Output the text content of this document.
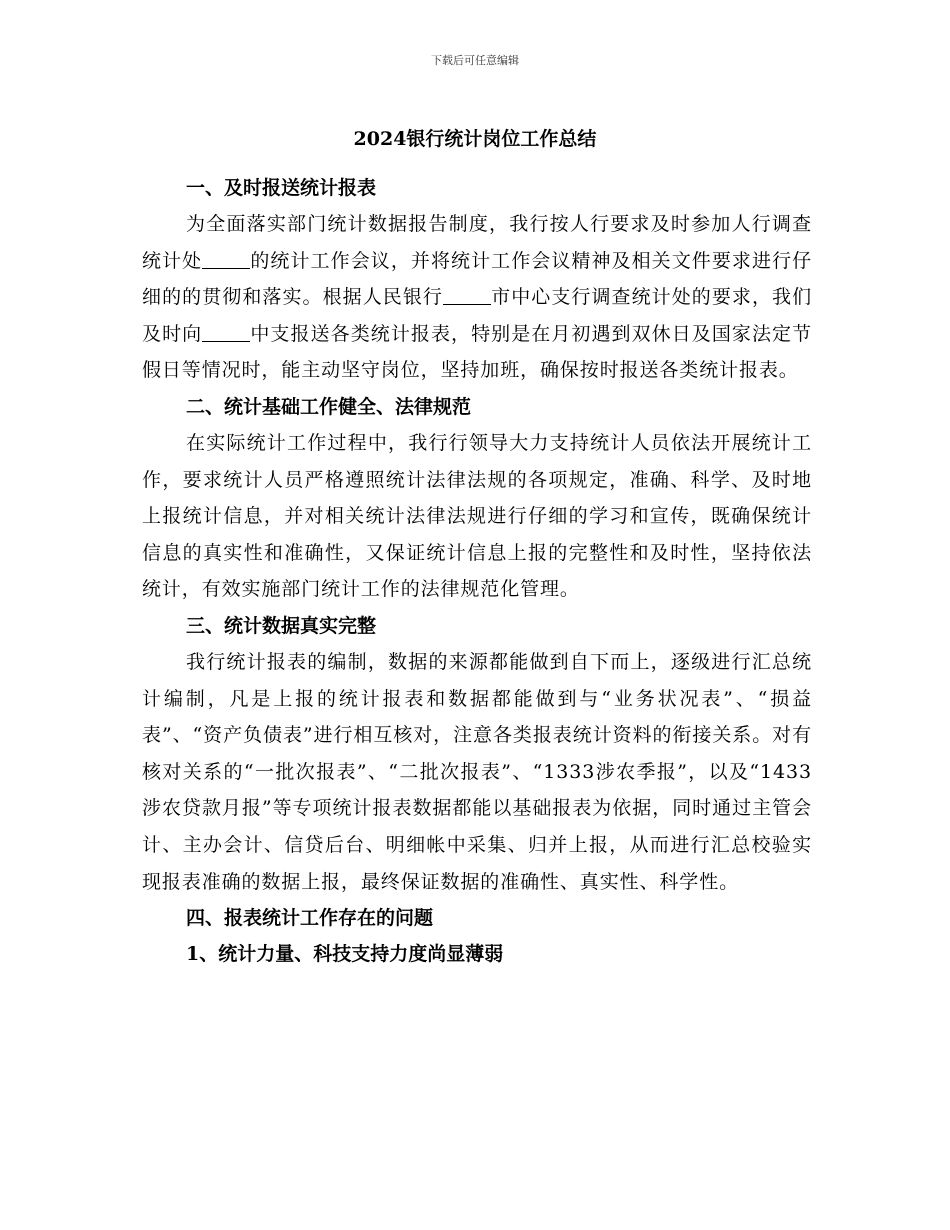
下载后可任意编辑
2024银行统计岗位工作总结
一、及时报送统计报表

为全面落实部门统计数据报告制度，我行按人行要求及时参加人行调查统计处	的统计工作会议，并将统计工作会议精神及相关文件要求进行仔细的的贯彻和落实。根据人民银行	市中心支行调查统计处的要求，我们及时向	中支报送各类统计报表，特别是在月初遇到双休日及国家法定节假日等情况时，能主动坚守岗位，坚持加班，确保按时报送各类统计报表。

二、统计基础工作健全、法律规范

在实际统计工作过程中，我行行领导大力支持统计人员依法开展统计工作，要求统计人员严格遵照统计法律法规的各项规定，准确、科学、及时地上报统计信息，并对相关统计法律法规进行仔细的学习和宣传，既确保统计信息的真实性和准确性，又保证统计信息上报的完整性和及时性，坚持依法统计，有效实施部门统计工作的法律规范化管理。

三、统计数据真实完整

我行统计报表的编制，数据的来源都能做到自下而上，逐级进行汇总统计编制，凡是上报的统计报表和数据都能做到与“业务状况表”、“损益表”、“资产负债表”进行相互核对，注意各类报表统计资料的衔接关系。对有核对关系的“一批次报表”、“二批次报表”、“1333涉农季报”，以及“1433涉农贷款月报”等专项统计报表数据都能以基础报表为依据，同时通过主管会计、主办会计、信贷后台、明细帐中采集、归并上报，从而进行汇总校验实现报表准确的数据上报，最终保证数据的准确性、真实性、科学性。

四、报表统计工作存在的问题
1、统计力量、科技支持力度尚显薄弱
